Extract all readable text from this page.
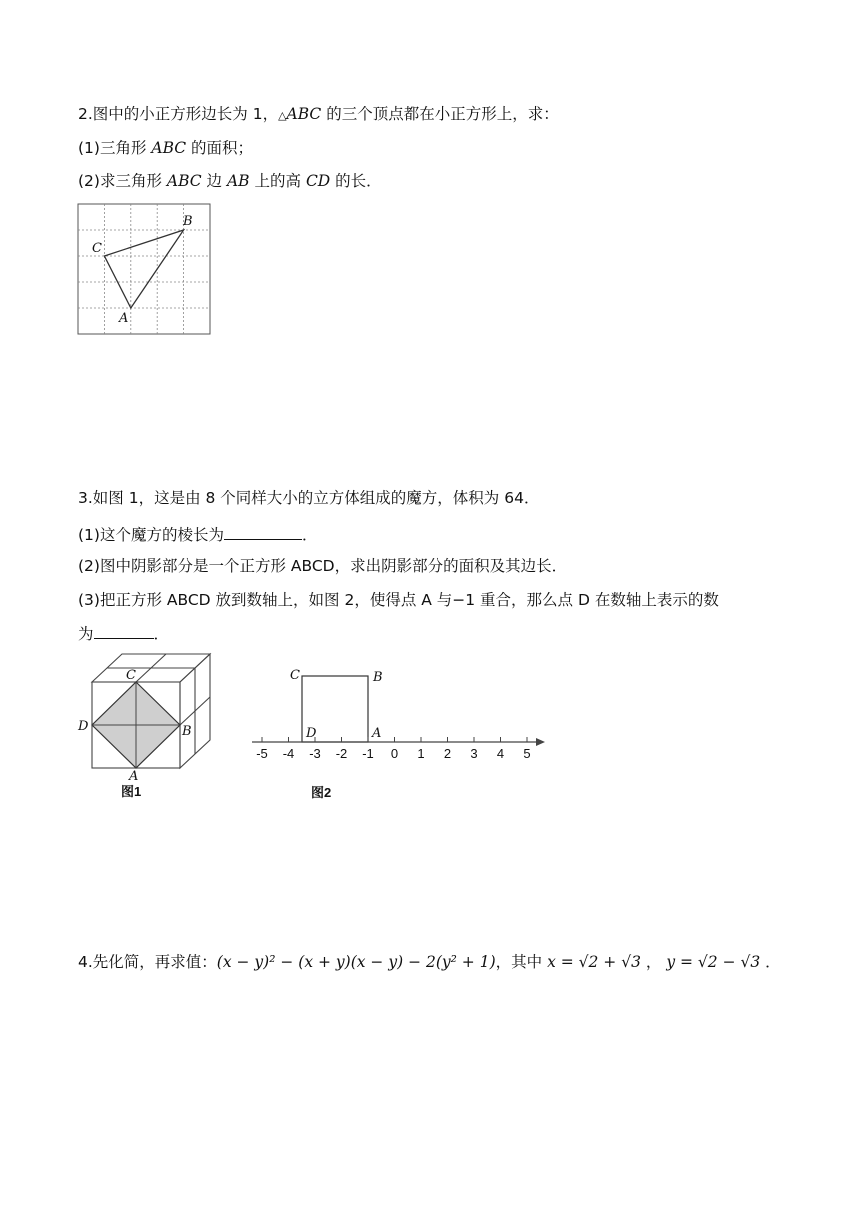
2.图中的小正方形边长为 1，△ABC 的三个顶点都在小正方形上，求：
(1)三角形 ABC 的面积；
(2)求三角形 ABC 边 AB 上的高 CD 的长．
A
B
C
3.如图 1，这是由 8 个同样大小的立方体组成的魔方，体积为 64．
(1)这个魔方的棱长为	．
(2)图中阴影部分是一个正方形 ABCD，求出阴影部分的面积及其边长．
(3)把正方形 ABCD 放到数轴上，如图 2，使得点 A 与−1 重合，那么点 D 在数轴上表示的数
为	．
C
D	B
A
图1
-5 -4 -3 -2 -1 0 1 2 3 4 5
C	B
D	A
图2
4.先化简，再求值：(x − y)² − (x + y)(x − y) − 2(y² + 1)，其中 x = √2 + √3 ， y = √2 − √3 ．
